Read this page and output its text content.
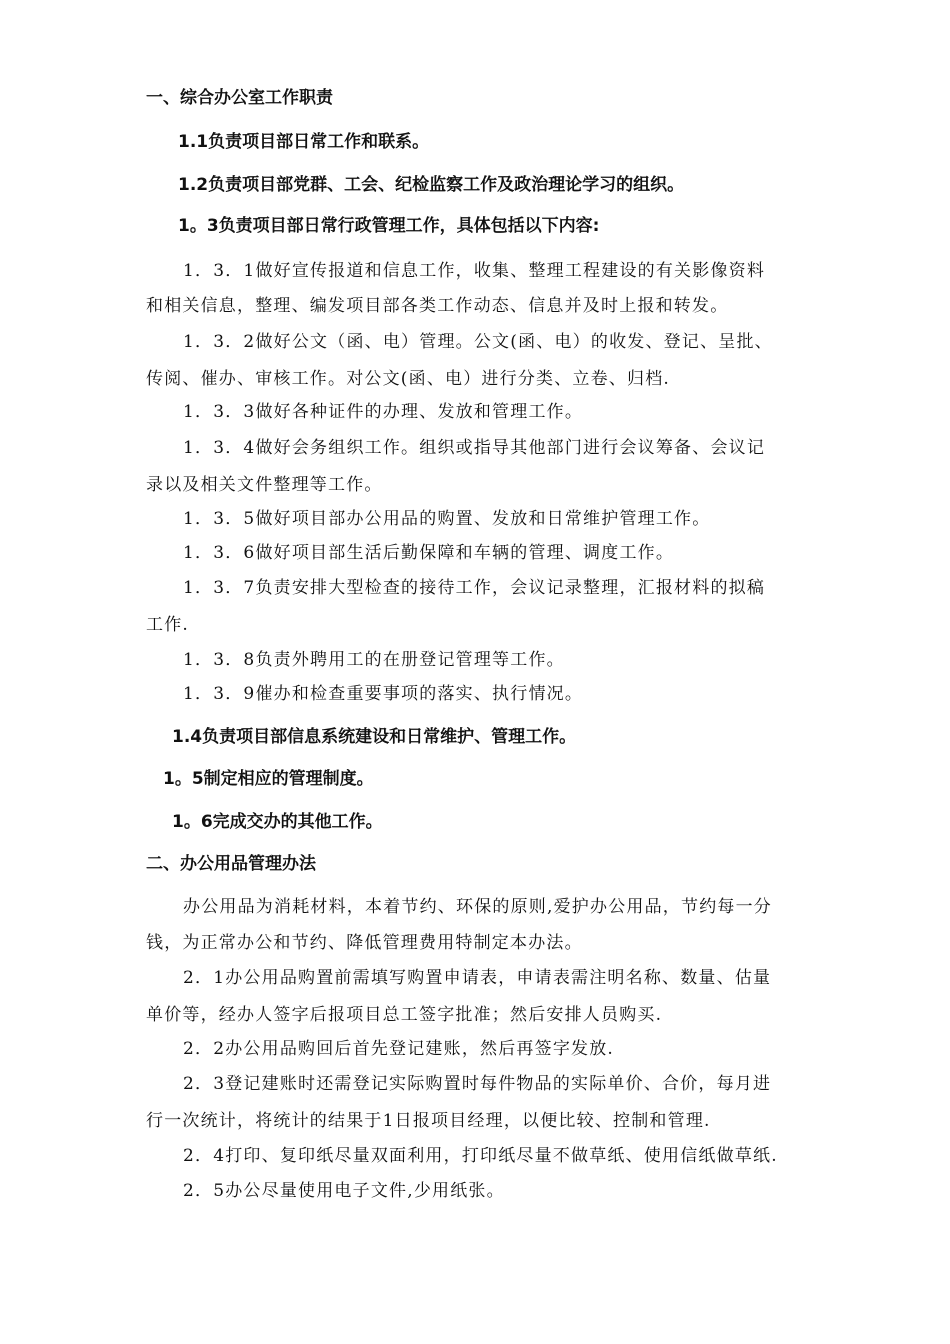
一、综合办公室工作职责
1.1负责项目部日常工作和联系。
1.2负责项目部党群、工会、纪检监察工作及政治理论学习的组织。
1。3负责项目部日常行政管理工作，具体包括以下内容:
1．3．1做好宣传报道和信息工作，收集、整理工程建设的有关影像资料
和相关信息，整理、编发项目部各类工作动态、信息并及时上报和转发。
1．3．2做好公文（函、电）管理。公文(函、电）的收发、登记、呈批、
传阅、催办、审核工作。对公文(函、电）进行分类、立卷、归档.
1．3．3做好各种证件的办理、发放和管理工作。
1．3．4做好会务组织工作。组织或指导其他部门进行会议筹备、会议记
录以及相关文件整理等工作。
1．3．5做好项目部办公用品的购置、发放和日常维护管理工作。
1．3．6做好项目部生活后勤保障和车辆的管理、调度工作。
1．3．7负责安排大型检查的接待工作，会议记录整理，汇报材料的拟稿
工作.
1．3．8负责外聘用工的在册登记管理等工作。
1．3．9催办和检查重要事项的落实、执行情况。
1.4负责项目部信息系统建设和日常维护、管理工作。
1。5制定相应的管理制度。
1。6完成交办的其他工作。
二、办公用品管理办法
办公用品为消耗材料，本着节约、环保的原则,爱护办公用品，节约每一分
钱，为正常办公和节约、降低管理费用特制定本办法。
2．1办公用品购置前需填写购置申请表，申请表需注明名称、数量、估量
单价等，经办人签字后报项目总工签字批准；然后安排人员购买.
2．2办公用品购回后首先登记建账，然后再签字发放.
2．3登记建账时还需登记实际购置时每件物品的实际单价、合价，每月进
行一次统计，将统计的结果于1日报项目经理，以便比较、控制和管理.
2．4打印、复印纸尽量双面利用，打印纸尽量不做草纸、使用信纸做草纸.
2．5办公尽量使用电子文件,少用纸张。
